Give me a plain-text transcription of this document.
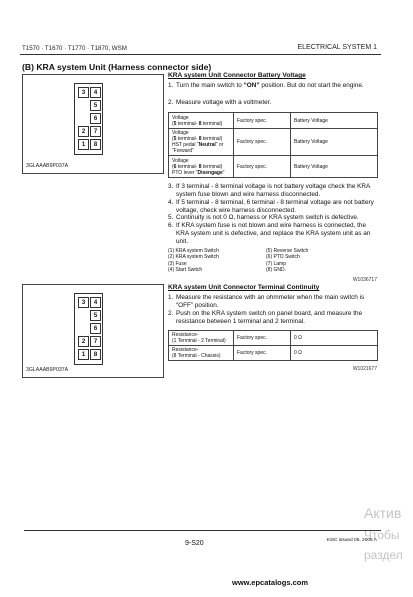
T1570 · T1670 · T1770 · T1870, WSM	ELECTRICAL SYSTEM 1
(B) KRA system Unit (Harness connector side)
3	4
5
6
2	7
1	8
3GLAAAB9P037A
KRA system Unit Connector Battery Voltage
1. Turn the main switch to “ON” position. But do not start the engine.
2. Measure voltage with a voltmeter.
Voltage
(5 terminal- 8 terminal)	Factory spec.	Battery Voltage
Voltage
(5 terminal- 8 terminal)
HST pedal “Neutral” or “Forward”	Factory spec.	Battery Voltage
Voltage
(6 terminal- 8 terminal)
PTO lever “Disengage”	Factory spec.	Battery Voltage
3. If 3 terminal - 8 terminal voltage is not battery voltage check the KRA system fuse blown and wire harness disconnected.
4. If 5 terminal - 8 terminal, 6 terminal - 8 terminal voltage are not battery voltage, check wire harness disconnected.
5. Continuity is not 0 Ω, harness or KRA system switch is defective.
6. If KRA system fuse is not blown and wire harness is connected, the KRA system unit is defective, and replace the KRA system unit as an unit.
(1) KRA system Switch	(5) Reverse Switch
(2) KRA system Switch	(6) PTO Switch
(3) Fuse	(7) Lamp
(4) Start Switch	(8) GND.
W1036717
3	4
5
6
2	7
1	8
3GLAAAB9P037A
KRA system Unit Connector Terminal Continuity
1. Measure the resistance with an ohmmeter when the main switch is “OFF” position.
2. Push on the KRA system switch on panel board, and measure the resistance between 1 terminal and 2 terminal.
Resistance-
(1 Terminal - 2 Terminal)	Factory spec.	0 Ω
Resistance-
(8 Terminal - Chassis)	Factory spec.	0 Ω
W1021677
Актив
Чтобы
раздел
9-S20	KiSC issued 06, 2006 A
www.epcatalogs.com
